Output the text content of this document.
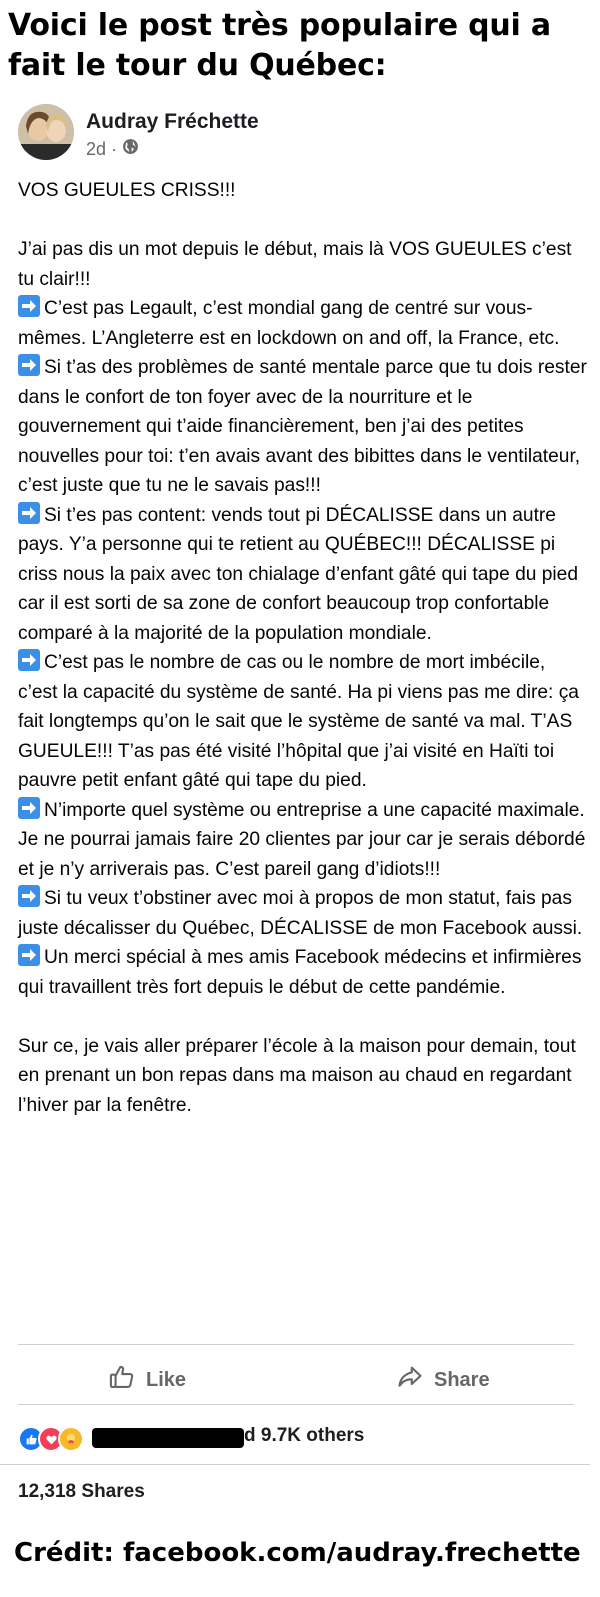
Voici le post très populaire qui a fait le tour du Québec:
Audray Fréchette
2d ·

VOS GUEULES CRISS!!!

J’ai pas dis un mot depuis le début, mais là VOS GUEULES c’est tu clair!!!

C’est pas Legault, c’est mondial gang de centré sur vous-mêmes. L’Angleterre est en lockdown on and off, la France, etc.

Si t’as des problèmes de santé mentale parce que tu dois rester dans le confort de ton foyer avec de la nourriture et le gouvernement qui t’aide financièrement, ben j’ai des petites nouvelles pour toi: t’en avais avant des bibittes dans le ventilateur, c’est juste que tu ne le savais pas!!!

Si t’es pas content: vends tout pi DÉCALISSE dans un autre pays. Y’a personne qui te retient au QUÉBEC!!! DÉCALISSE pi criss nous la paix avec ton chialage d’enfant gâté qui tape du pied car il est sorti de sa zone de confort beaucoup trop confortable comparé à la majorité de la population mondiale.

C’est pas le nombre de cas ou le nombre de mort imbécile, c’est la capacité du système de santé. Ha pi viens pas me dire: ça fait longtemps qu’on le sait que le système de santé va mal. T’AS GUEULE!!! T’as pas été visité l’hôpital que j’ai visité en Haïti toi pauvre petit enfant gâté qui tape du pied.

N’importe quel système ou entreprise a une capacité maximale. Je ne pourrai jamais faire 20 clientes par jour car je serais débordé et je n’y arriverais pas. C’est pareil gang d’idiots!!!

Si tu veux t’obstiner avec moi à propos de mon statut, fais pas juste décalisser du Québec, DÉCALISSE de mon Facebook aussi.

Un merci spécial à mes amis Facebook médecins et infirmières qui travaillent très fort depuis le début de cette pandémie.

Sur ce, je vais aller préparer l’école à la maison pour demain, tout en prenant un bon repas dans ma maison au chaud en regardant l’hiver par la fenêtre.

Like	Share
d 9.7K others
12,318 Shares
Crédit: facebook.com/audray.frechette
